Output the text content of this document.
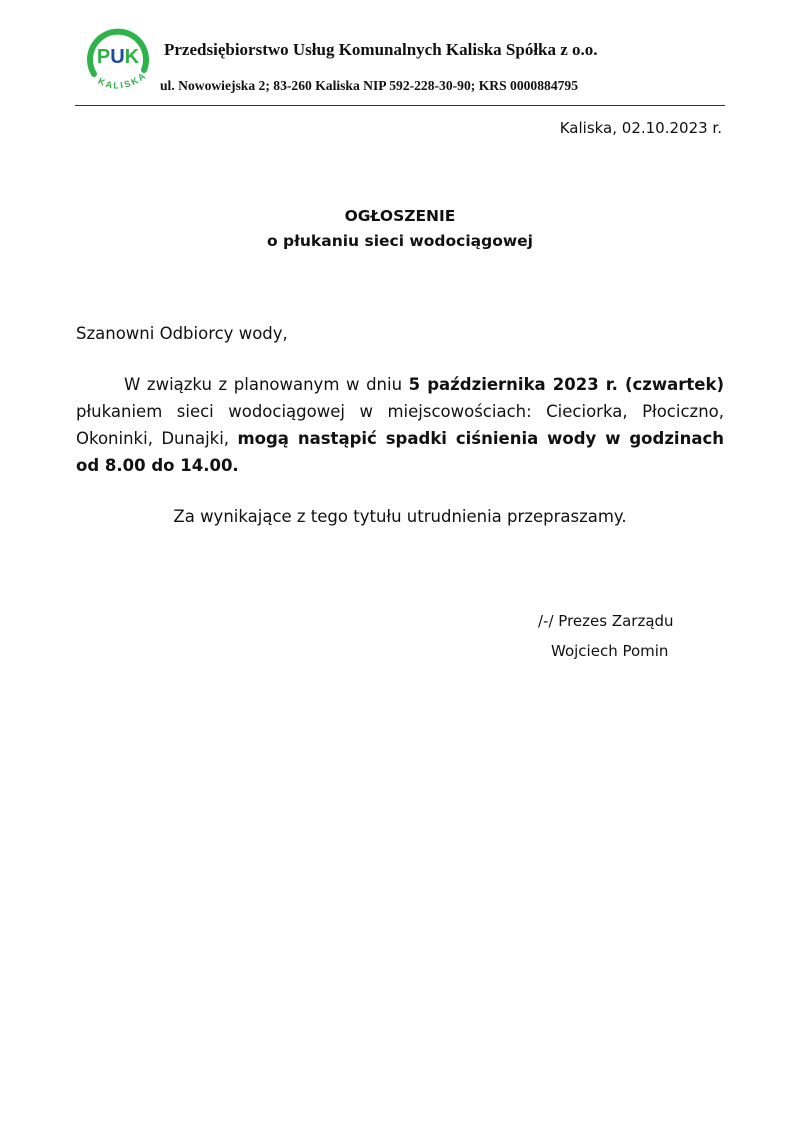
PUK
KALISKA
Przedsiębiorstwo Usług Komunalnych Kaliska Spółka z o.o.
ul. Nowowiejska 2; 83-260 Kaliska NIP 592-228-30-90; KRS 0000884795
Kaliska, 02.10.2023 r.
OGŁOSZENIE
o płukaniu sieci wodociągowej
Szanowni Odbiorcy wody,
W związku z planowanym w dniu 5 października 2023 r. (czwartek) płukaniem sieci wodociągowej w miejscowościach: Cieciorka, Płociczno, Okoninki, Dunajki, mogą nastąpić spadki ciśnienia wody w godzinach od 8.00 do 14.00.
Za wynikające z tego tytułu utrudnienia przepraszamy.
/-/ Prezes Zarządu
Wojciech Pomin
